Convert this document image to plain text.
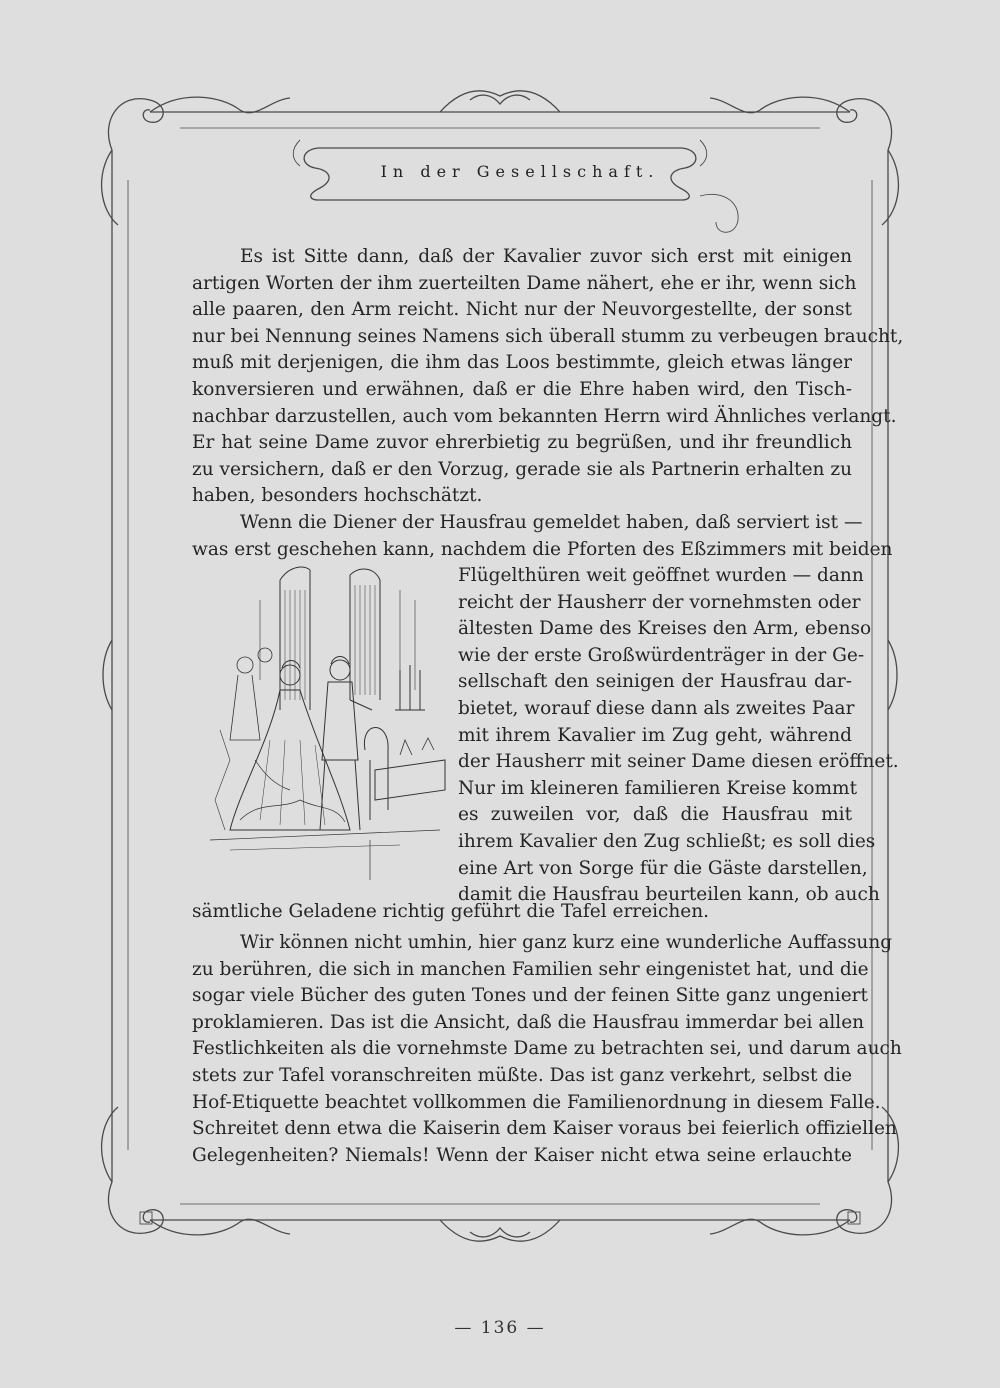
In der Gesellschaft.
Es ist Sitte dann, daß der Kavalier zuvor sich erst mit einigen
artigen Worten der ihm zuerteilten Dame nähert, ehe er ihr, wenn sich
alle paaren, den Arm reicht. Nicht nur der Neuvorgestellte, der sonst
nur bei Nennung seines Namens sich überall stumm zu verbeugen braucht,
muß mit derjenigen, die ihm das Loos bestimmte, gleich etwas länger
konversieren und erwähnen, daß er die Ehre haben wird, den Tisch-
nachbar darzustellen, auch vom bekannten Herrn wird Ähnliches verlangt.
Er hat seine Dame zuvor ehrerbietig zu begrüßen, und ihr freundlich
zu versichern, daß er den Vorzug, gerade sie als Partnerin erhalten zu
haben, besonders hochschätzt.
Wenn die Diener der Hausfrau gemeldet haben, daß serviert ist —
was erst geschehen kann, nachdem die Pforten des Eßzimmers mit beiden
Flügelthüren weit geöffnet wurden — dann
reicht der Hausherr der vornehmsten oder
ältesten Dame des Kreises den Arm, ebenso
wie der erste Großwürdenträger in der Ge-
sellschaft den seinigen der Hausfrau dar-
bietet, worauf diese dann als zweites Paar
mit ihrem Kavalier im Zug geht, während
der Hausherr mit seiner Dame diesen eröffnet.
Nur im kleineren familieren Kreise kommt
es zuweilen vor, daß die Hausfrau mit
ihrem Kavalier den Zug schließt; es soll dies
eine Art von Sorge für die Gäste darstellen,
damit die Hausfrau beurteilen kann, ob auch
sämtliche Geladene richtig geführt die Tafel erreichen.
Wir können nicht umhin, hier ganz kurz eine wunderliche Auffassung
zu berühren, die sich in manchen Familien sehr eingenistet hat, und die
sogar viele Bücher des guten Tones und der feinen Sitte ganz ungeniert
proklamieren. Das ist die Ansicht, daß die Hausfrau immerdar bei allen
Festlichkeiten als die vornehmste Dame zu betrachten sei, und darum auch
stets zur Tafel voranschreiten müßte. Das ist ganz verkehrt, selbst die
Hof-Etiquette beachtet vollkommen die Familienordnung in diesem Falle.
Schreitet denn etwa die Kaiserin dem Kaiser voraus bei feierlich offiziellen
Gelegenheiten? Niemals! Wenn der Kaiser nicht etwa seine erlauchte
— 136 —
